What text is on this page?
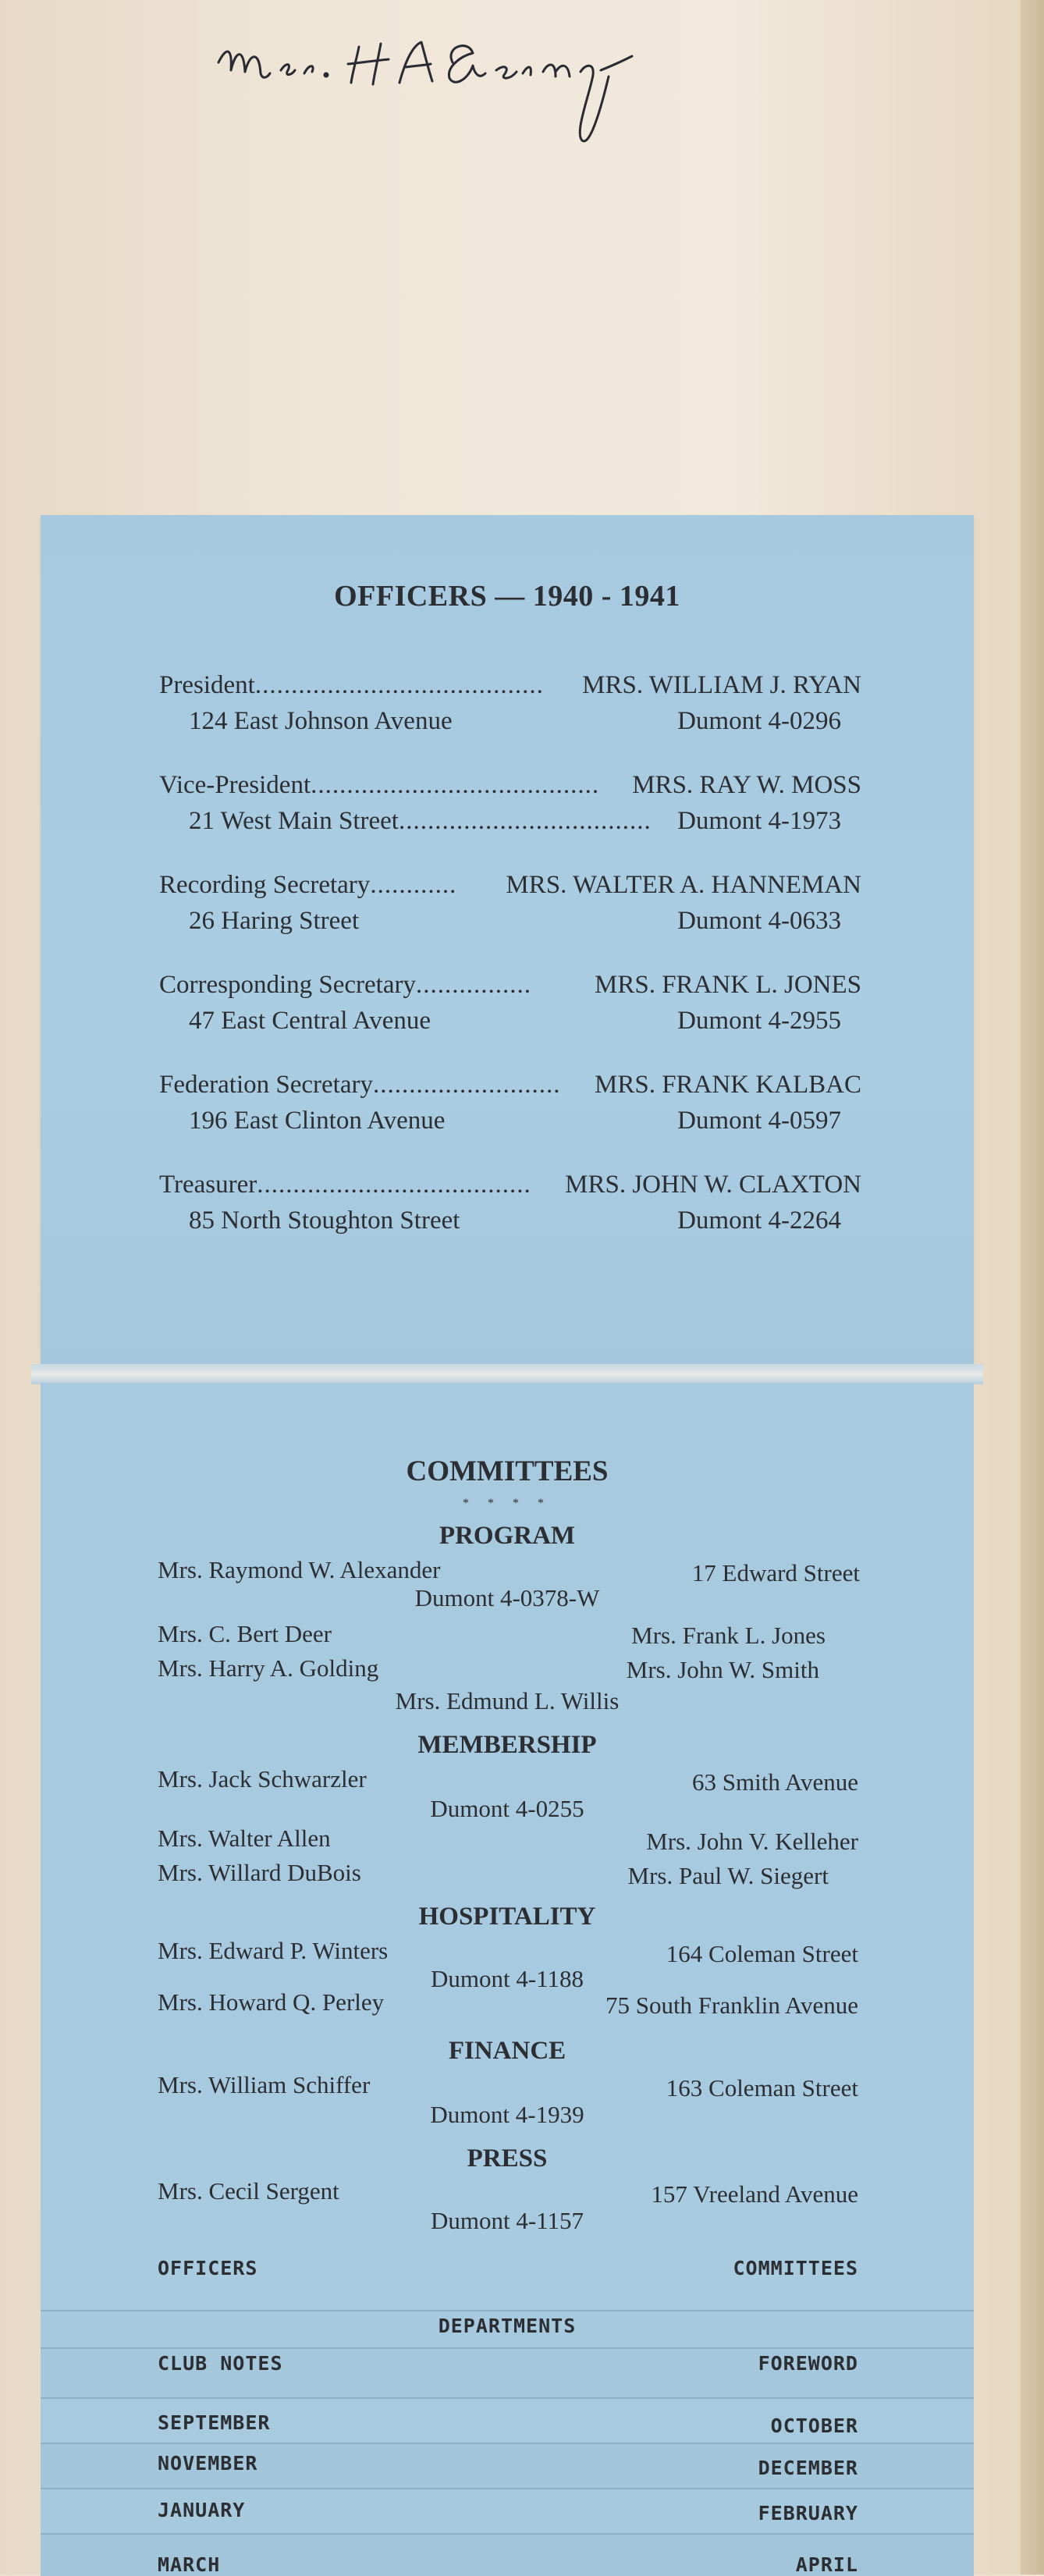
OFFICERS — 1940 - 1941
President........................................ MRS. WILLIAM J. RYAN
124 East Johnson Avenue	Dumont 4-0296
Vice-President........................................ MRS. RAY W. MOSS
21 West Main Street................................... Dumont 4-1973
Recording Secretary............ MRS. WALTER A. HANNEMAN
26 Haring Street	Dumont 4-0633
Corresponding Secretary................ MRS. FRANK L. JONES
47 East Central Avenue	Dumont 4-2955
Federation Secretary.......................... MRS. FRANK KALBAC
196 East Clinton Avenue	Dumont 4-0597
Treasurer...................................... MRS. JOHN W. CLAXTON
85 North Stoughton Street	Dumont 4-2264
COMMITTEES
* * * *
PROGRAM
Mrs. Raymond W. Alexander	17 Edward Street
Dumont 4-0378-W
Mrs. C. Bert Deer	Mrs. Frank L. Jones
Mrs. Harry A. Golding	Mrs. John W. Smith
Mrs. Edmund L. Willis
MEMBERSHIP
Mrs. Jack Schwarzler	63 Smith Avenue
Dumont 4-0255
Mrs. Walter Allen	Mrs. John V. Kelleher
Mrs. Willard DuBois	Mrs. Paul W. Siegert
HOSPITALITY
Mrs. Edward P. Winters	164 Coleman Street
Dumont 4-1188
Mrs. Howard Q. Perley	75 South Franklin Avenue
FINANCE
Mrs. William Schiffer	163 Coleman Street
Dumont 4-1939
PRESS
Mrs. Cecil Sergent	157 Vreeland Avenue
Dumont 4-1157
OFFICERS	COMMITTEES
DEPARTMENTS
CLUB NOTES	FOREWORD
SEPTEMBER	OCTOBER
NOVEMBER	DECEMBER
JANUARY	FEBRUARY
MARCH	APRIL
